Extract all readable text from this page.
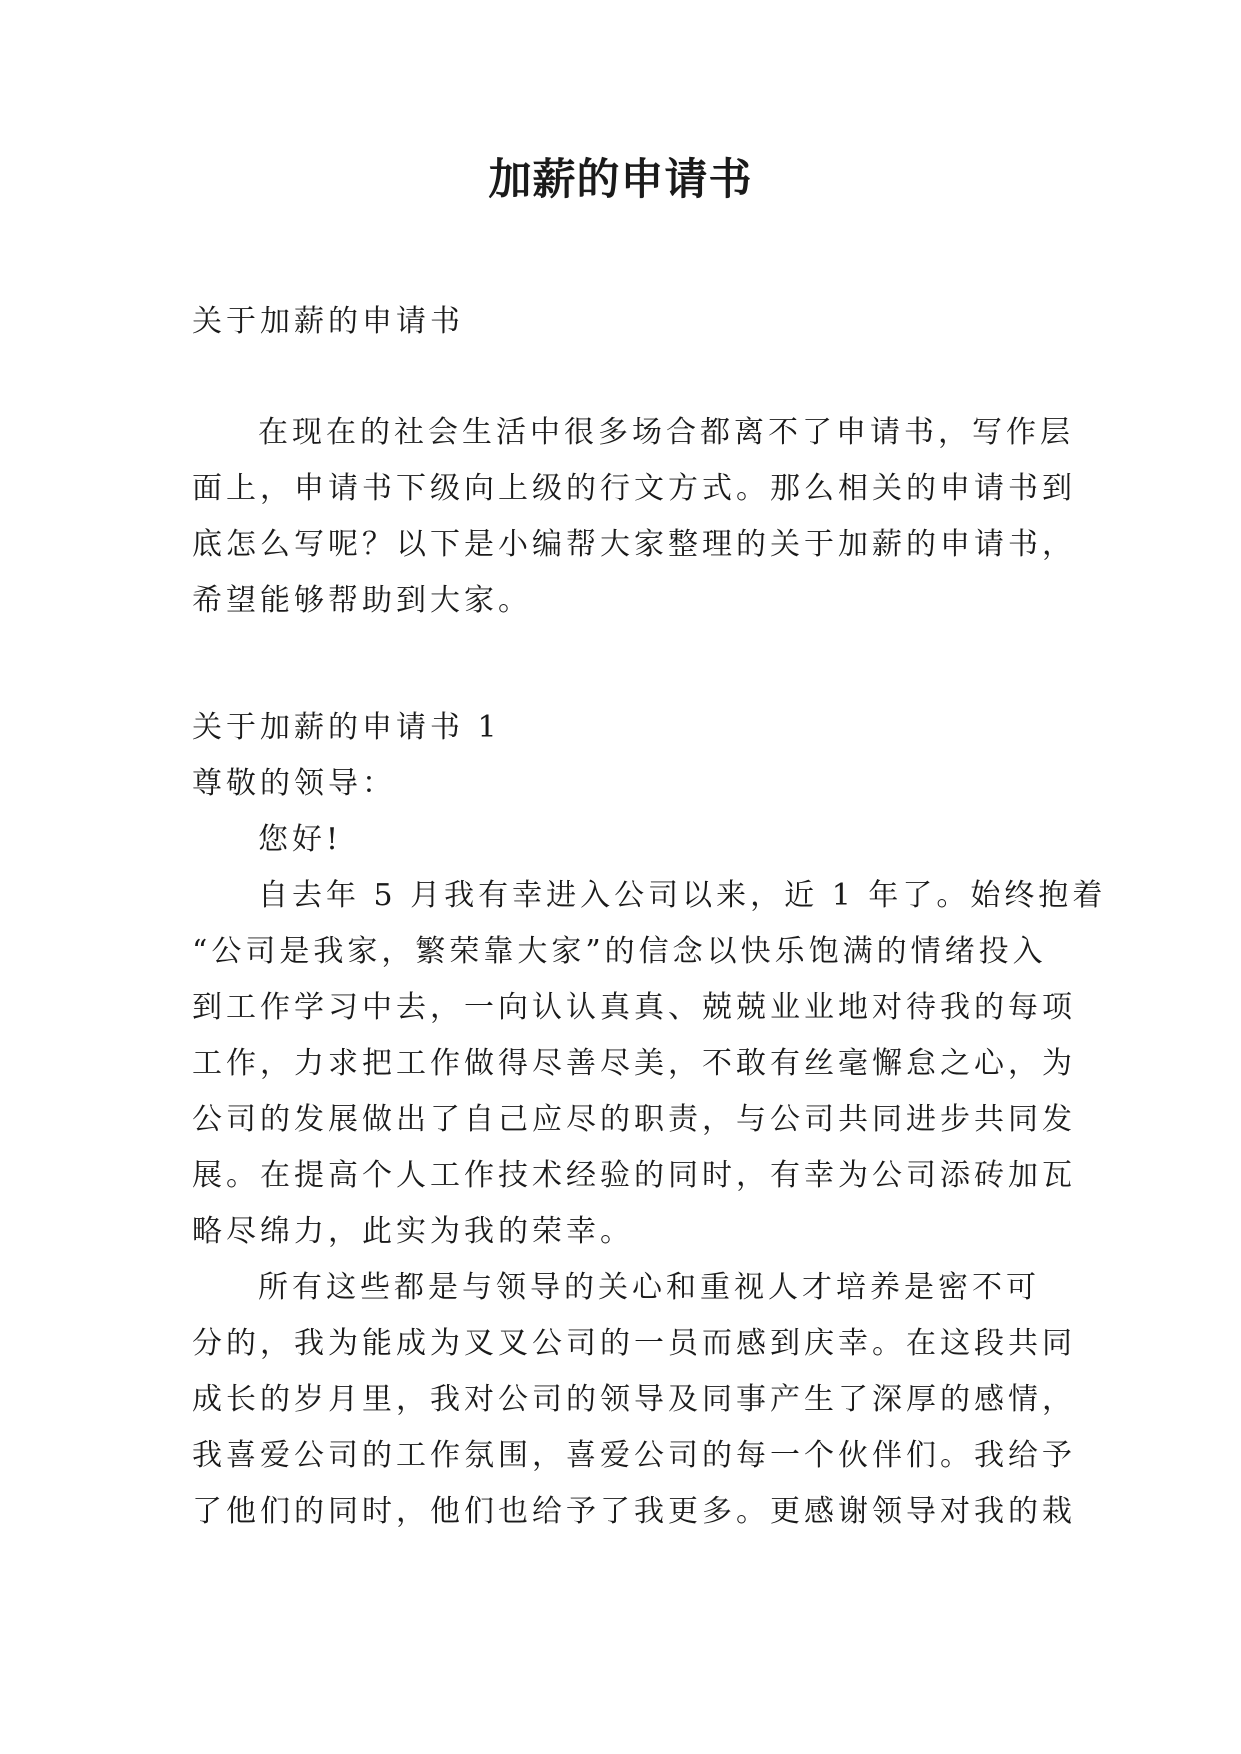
加薪的申请书

关于加薪的申请书

在现在的社会生活中很多场合都离不了申请书，写作层

面上，申请书下级向上级的行文方式。那么相关的申请书到

底怎么写呢？以下是小编帮大家整理的关于加薪的申请书，

希望能够帮助到大家。

关于加薪的申请书 1

尊敬的领导：

您好!

自去年 5 月我有幸进入公司以来，近 1 年了。始终抱着

“公司是我家，繁荣靠大家”的信念以快乐饱满的情绪投入

到工作学习中去，一向认认真真、兢兢业业地对待我的每项

工作，力求把工作做得尽善尽美，不敢有丝毫懈怠之心，为

公司的发展做出了自己应尽的职责，与公司共同进步共同发

展。在提高个人工作技术经验的同时，有幸为公司添砖加瓦

略尽绵力，此实为我的荣幸。

所有这些都是与领导的关心和重视人才培养是密不可

分的，我为能成为叉叉公司的一员而感到庆幸。在这段共同

成长的岁月里，我对公司的领导及同事产生了深厚的感情，

我喜爱公司的工作氛围，喜爱公司的每一个伙伴们。我给予

了他们的同时，他们也给予了我更多。更感谢领导对我的栽
